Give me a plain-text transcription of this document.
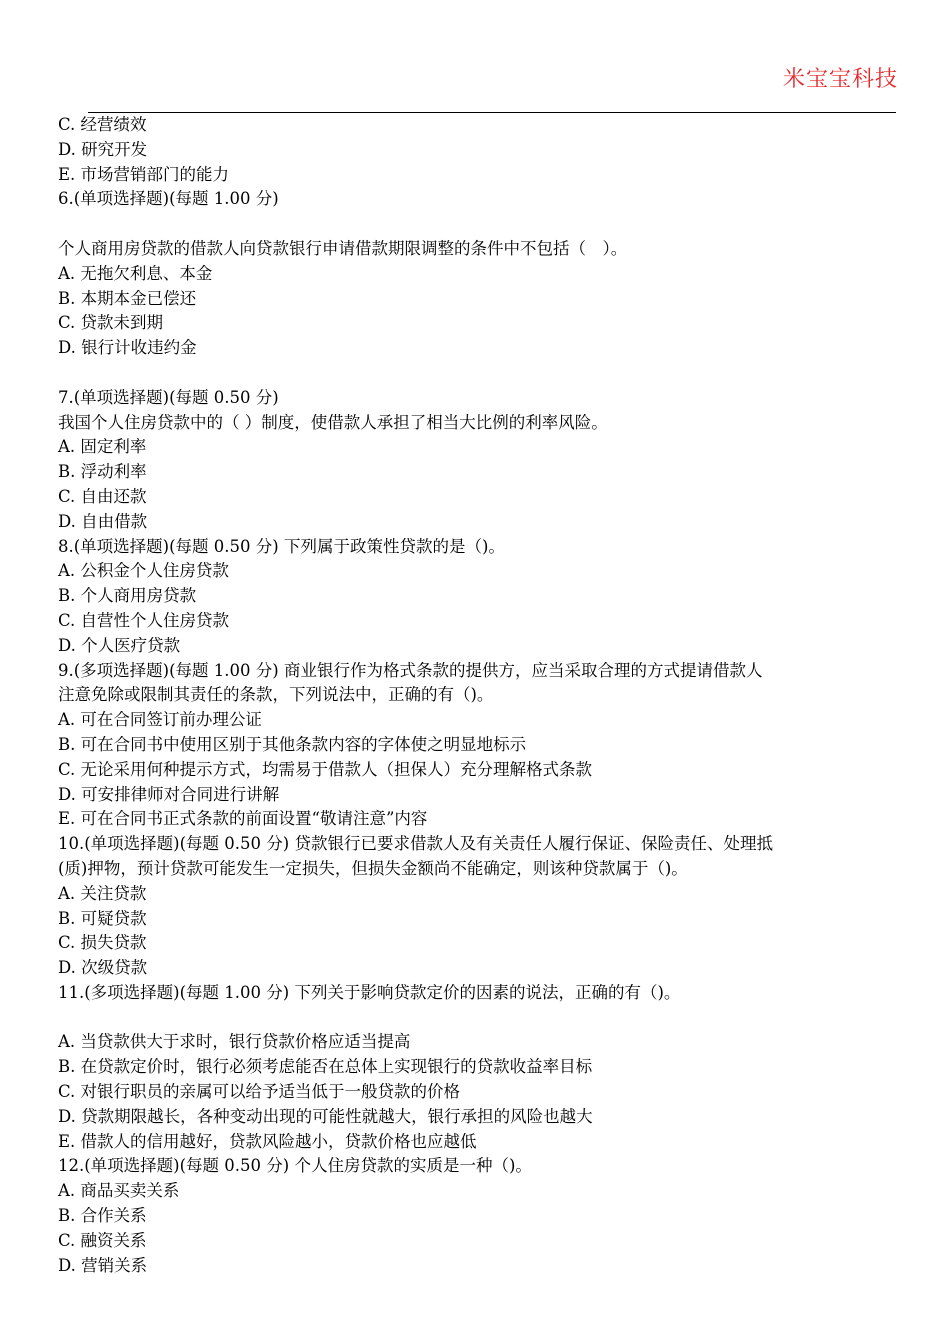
米宝宝科技
C. 经营绩效
D. 研究开发
E. 市场营销部门的能力
6.(单项选择题)(每题 1.00 分)
个人商用房贷款的借款人向贷款银行申请借款期限调整的条件中不包括（　）。
A. 无拖欠利息、本金
B. 本期本金已偿还
C. 贷款未到期
D. 银行计收违约金
7.(单项选择题)(每题 0.50 分)
我国个人住房贷款中的（ ）制度，使借款人承担了相当大比例的利率风险。
A. 固定利率
B. 浮动利率
C. 自由还款
D. 自由借款
8.(单项选择题)(每题 0.50 分) 下列属于政策性贷款的是（)。
A. 公积金个人住房贷款
B. 个人商用房贷款
C. 自营性个人住房贷款
D. 个人医疗贷款
9.(多项选择题)(每题 1.00 分) 商业银行作为格式条款的提供方，应当采取合理的方式提请借款人
注意免除或限制其责任的条款，下列说法中，正确的有（)。
A. 可在合同签订前办理公证
B. 可在合同书中使用区别于其他条款内容的字体使之明显地标示
C. 无论采用何种提示方式，均需易于借款人（担保人）充分理解格式条款
D. 可安排律师对合同进行讲解
E. 可在合同书正式条款的前面设置“敬请注意”内容
10.(单项选择题)(每题 0.50 分) 贷款银行已要求借款人及有关责任人履行保证、保险责任、处理抵
(质)押物，预计贷款可能发生一定损失，但损失金额尚不能确定，则该种贷款属于（)。
A. 关注贷款
B. 可疑贷款
C. 损失贷款
D. 次级贷款
11.(多项选择题)(每题 1.00 分) 下列关于影响贷款定价的因素的说法，正确的有（)。
A. 当贷款供大于求时，银行贷款价格应适当提高
B. 在贷款定价时，银行必须考虑能否在总体上实现银行的贷款收益率目标
C. 对银行职员的亲属可以给予适当低于一般贷款的价格
D. 贷款期限越长，各种变动出现的可能性就越大，银行承担的风险也越大
E. 借款人的信用越好，贷款风险越小，贷款价格也应越低
12.(单项选择题)(每题 0.50 分) 个人住房贷款的实质是一种（)。
A. 商品买卖关系
B. 合作关系
C. 融资关系
D. 营销关系
